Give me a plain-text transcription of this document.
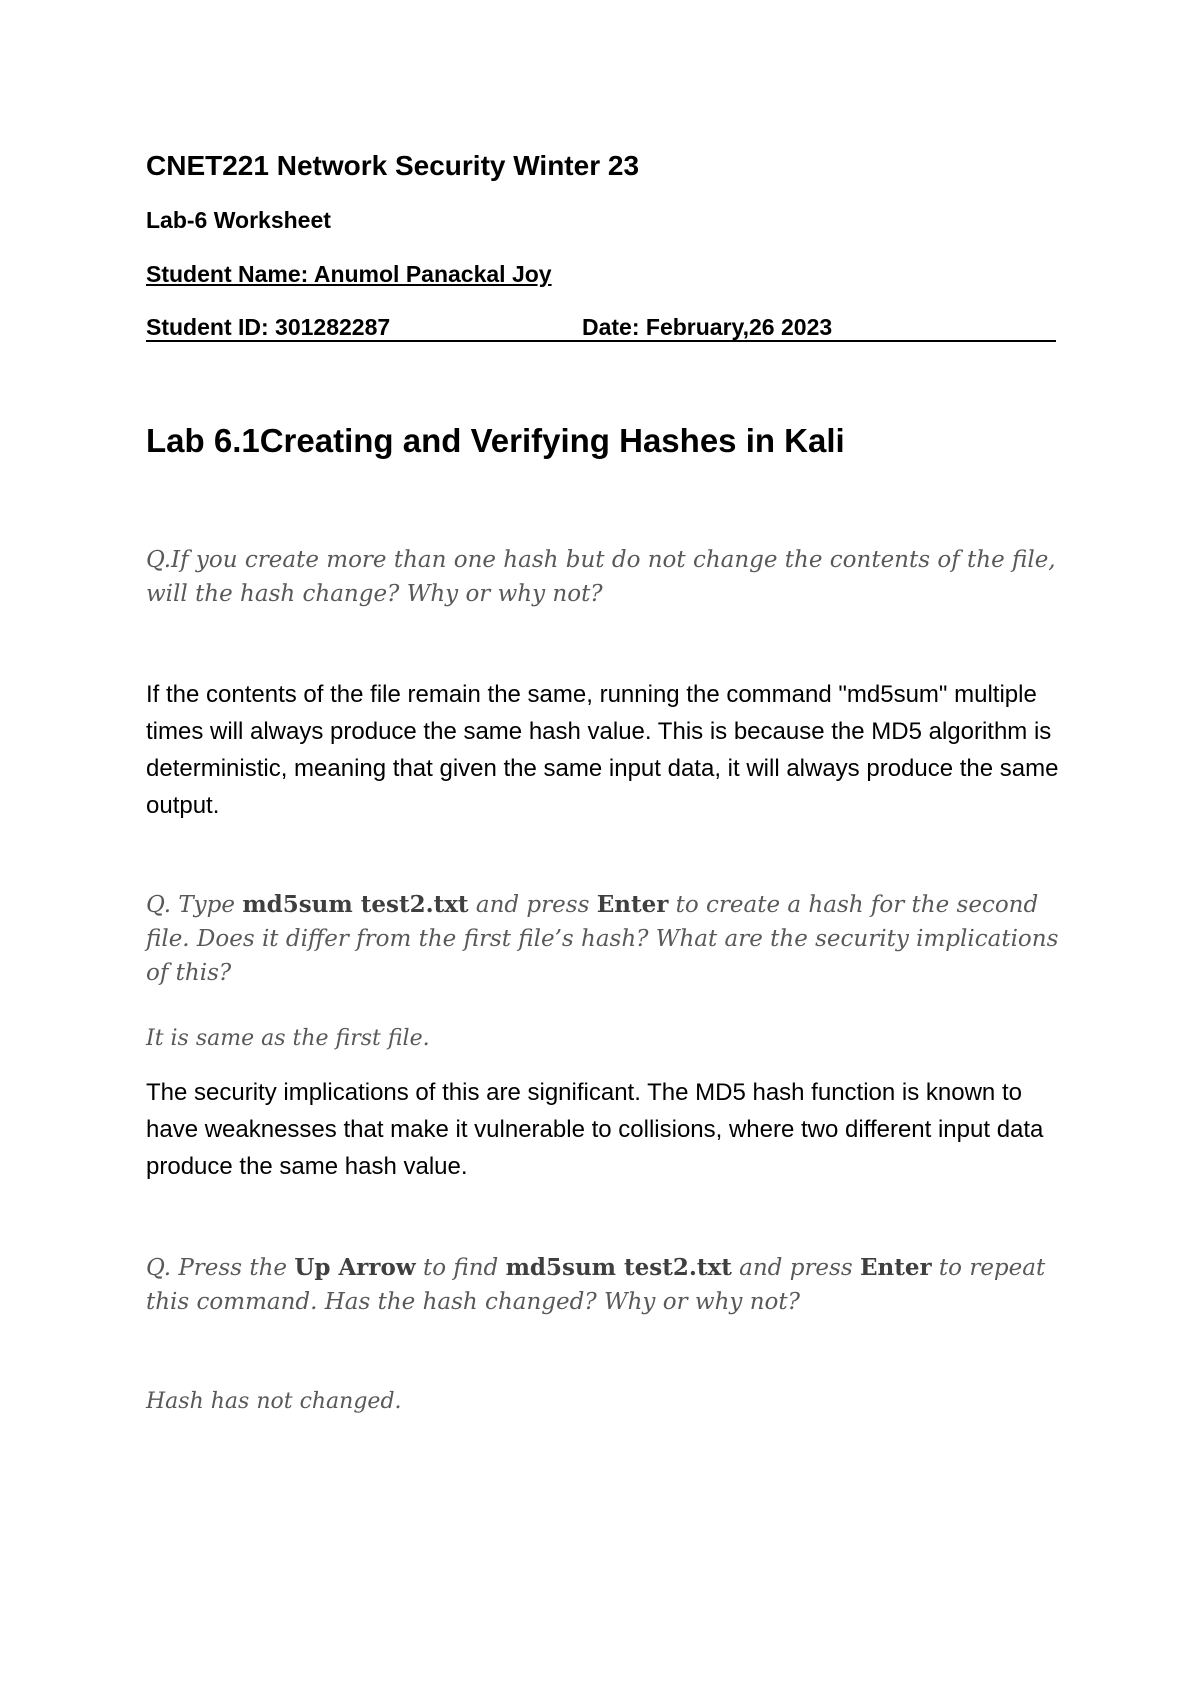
CNET221 Network Security Winter 23
Lab-6 Worksheet
Student Name: Anumol Panackal Joy
Student ID: 301282287	Date: February,26 2023
Lab 6.1Creating and Verifying Hashes in Kali
Q.If you create more than one hash but do not change the contents of the file, will the hash change? Why or why not?
If the contents of the file remain the same, running the command "md5sum" multiple times will always produce the same hash value. This is because the MD5 algorithm is deterministic, meaning that given the same input data, it will always produce the same output.
Q. Type md5sum test2.txt and press Enter to create a hash for the second file. Does it differ from the first file’s hash? What are the security implications of this?
It is same as the first file.
The security implications of this are significant. The MD5 hash function is known to have weaknesses that make it vulnerable to collisions, where two different input data produce the same hash value.
Q. Press the Up Arrow to find md5sum test2.txt and press Enter to repeat this command. Has the hash changed? Why or why not?
Hash has not changed.
